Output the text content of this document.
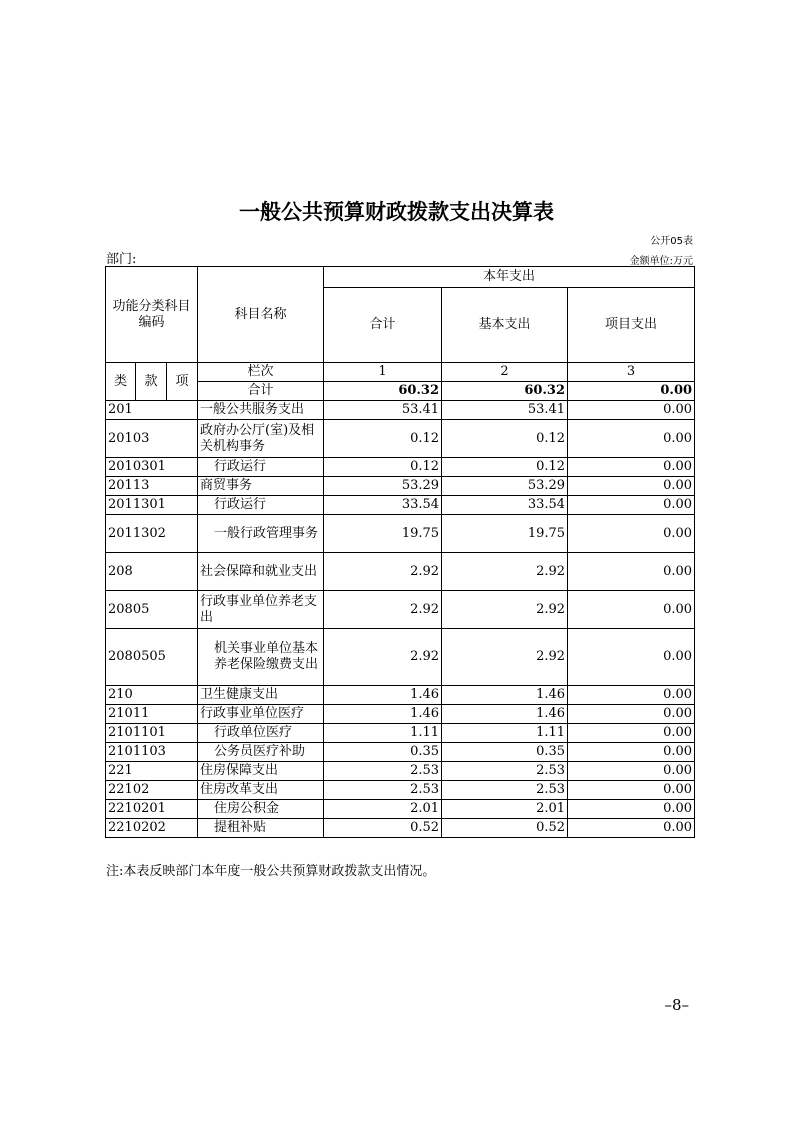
一般公共预算财政拨款支出决算表
公开05表
部门:	金额单位:万元
功能分类科目编码			科目名称	本年支出		
				合计	基本支出	项目支出
类	款	项	栏次	1	2	3
			合计	60.32	60.32	0.00
201			一般公共服务支出	53.41	53.41	0.00
20103			政府办公厅(室)及相关机构事务	0.12	0.12	0.00
2010301			行政运行	0.12	0.12	0.00
20113			商贸事务	53.29	53.29	0.00
2011301			行政运行	33.54	33.54	0.00
2011302			一般行政管理事务	19.75	19.75	0.00
208			社会保障和就业支出	2.92	2.92	0.00
20805			行政事业单位养老支出	2.92	2.92	0.00
2080505			机关事业单位基本养老保险缴费支出	2.92	2.92	0.00
210			卫生健康支出	1.46	1.46	0.00
21011			行政事业单位医疗	1.46	1.46	0.00
2101101			行政单位医疗	1.11	1.11	0.00
2101103			公务员医疗补助	0.35	0.35	0.00
221			住房保障支出	2.53	2.53	0.00
22102			住房改革支出	2.53	2.53	0.00
2210201			住房公积金	2.01	2.01	0.00
2210202			提租补贴	0.52	0.52	0.00
注:本表反映部门本年度一般公共预算财政拨款支出情况。
–8–
